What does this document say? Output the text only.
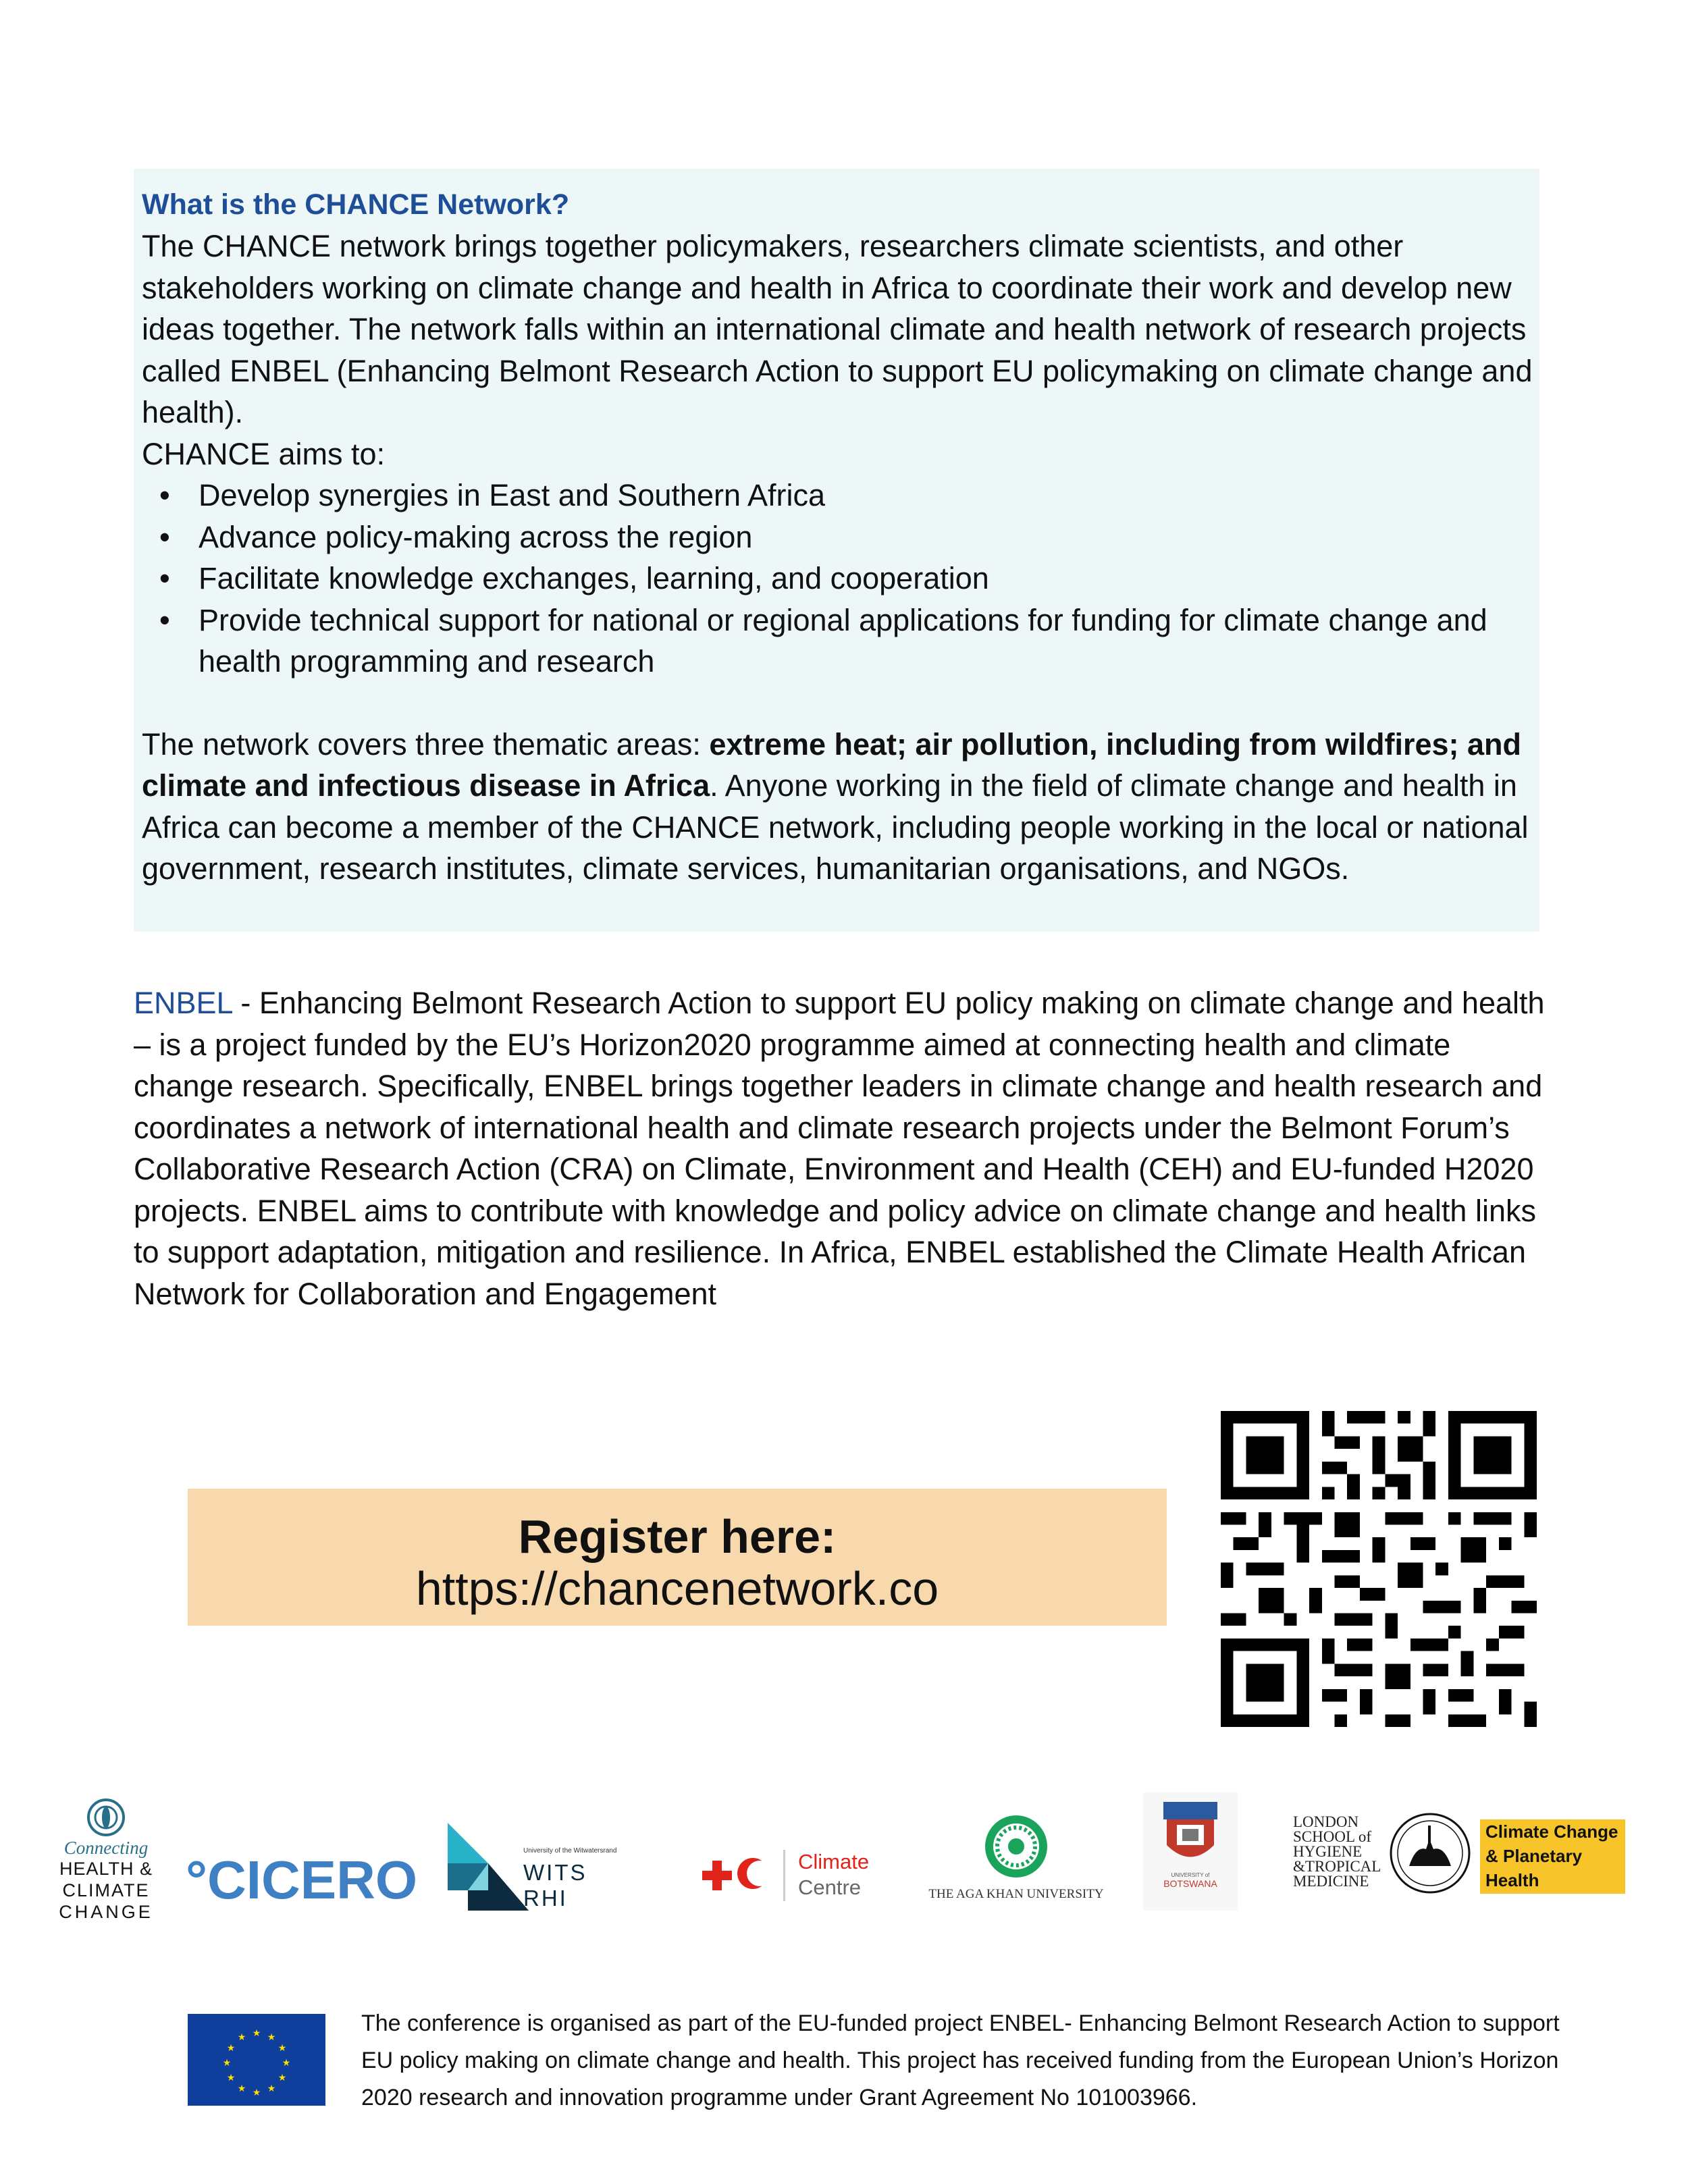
What is the CHANCE Network?
The CHANCE network brings together policymakers, researchers climate scientists, and other stakeholders working on climate change and health in Africa to coordinate their work and develop new ideas together. The network falls within an international climate and health network of research projects called ENBEL (Enhancing Belmont Research Action to support EU policymaking on climate change and health).
CHANCE aims to:
• Develop synergies in East and Southern Africa
• Advance policy-making across the region
• Facilitate knowledge exchanges, learning, and cooperation
• Provide technical support for national or regional applications for funding for climate change and health programming and research
The network covers three thematic areas: extreme heat; air pollution, including from wildfires; and climate and infectious disease in Africa. Anyone working in the field of climate change and health in Africa can become a member of the CHANCE network, including people working in the local or national government, research institutes, climate services, humanitarian organisations, and NGOs.
ENBEL - Enhancing Belmont Research Action to support EU policy making on climate change and health – is a project funded by the EU’s Horizon2020 programme aimed at connecting health and climate change research. Specifically, ENBEL brings together leaders in climate change and health research and coordinates a network of international health and climate research projects under the Belmont Forum’s Collaborative Research Action (CRA) on Climate, Environment and Health (CEH) and EU-funded H2020 projects. ENBEL aims to contribute with knowledge and policy advice on climate change and health links to support adaptation, mitigation and resilience. In Africa, ENBEL established the Climate Health African Network for Collaboration and Engagement
Register here:
https://chancenetwork.co
Connecting
HEALTH &
CLIMATE
CHANGE
°CICERO	University of the Witwatersrand
WITS RHI
Climate
Centre	THE AGA KHAN UNIVERSITY
UNIVERSITY of
BOTSWANA
LONDON
SCHOOL of
HYGIENE
&TROPICAL
MEDICINE
Climate Change
& Planetary
Health
★ ★
★
★
★
★
★
★
★
★
★
★
The conference is organised as part of the EU-funded project ENBEL- Enhancing Belmont Research Action to support EU policy making on climate change and health. This project has received funding from the European Union’s Horizon 2020 research and innovation programme under Grant Agreement No 101003966.
